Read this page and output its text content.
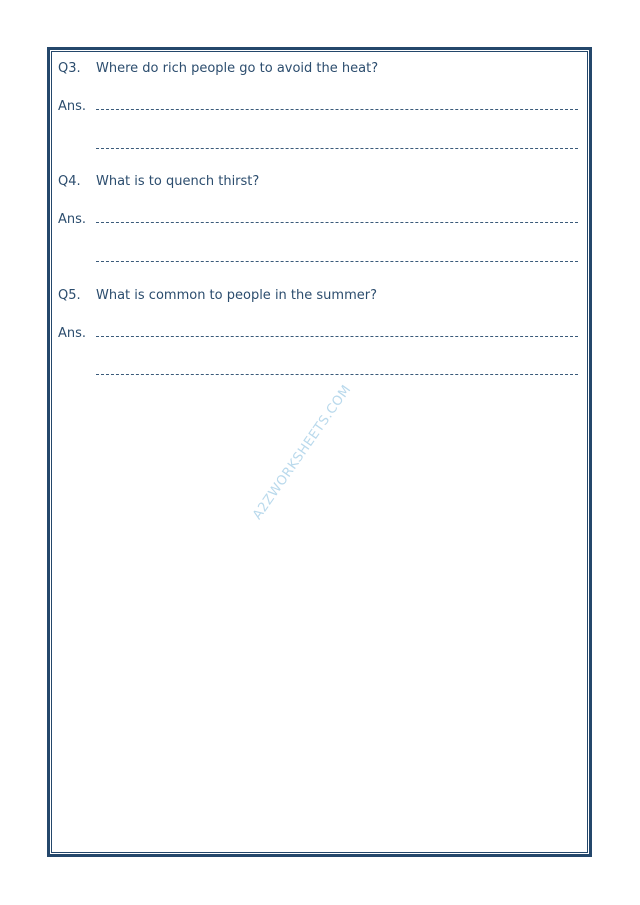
Q3. Where do rich people go to avoid the heat?
Ans.
Q4. What is to quench thirst?
Ans.
Q5. What is common to people in the summer?
Ans.
A2ZWORKSHEETS.COM
